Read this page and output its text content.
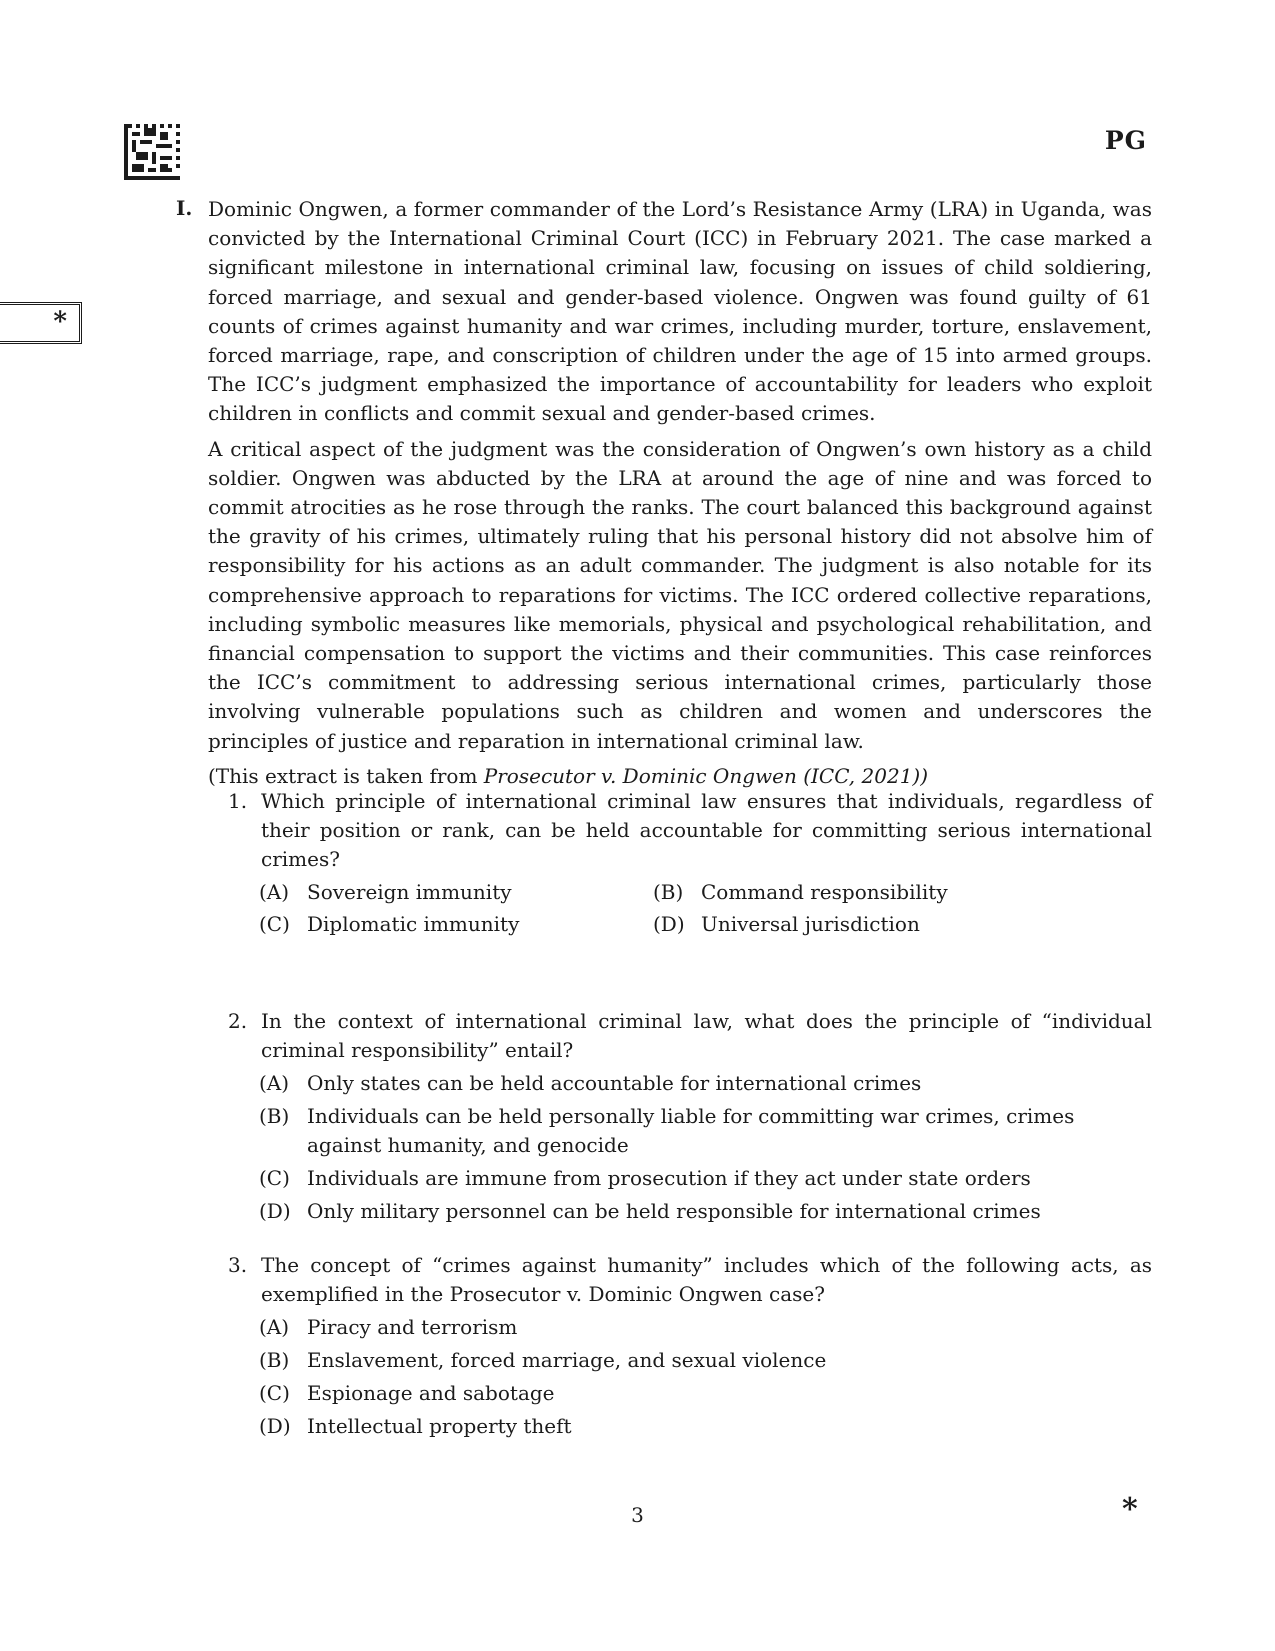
PG
*
I. Dominic Ongwen, a former commander of the Lord’s Resistance Army (LRA) in Uganda, was convicted by the International Criminal Court (ICC) in February 2021. The case marked a significant milestone in international criminal law, focusing on issues of child soldiering, forced marriage, and sexual and gender-based violence. Ongwen was found guilty of 61 counts of crimes against humanity and war crimes, including murder, torture, enslavement, forced marriage, rape, and conscription of children under the age of 15 into armed groups. The ICC’s judgment emphasized the importance of accountability for leaders who exploit children in conflicts and commit sexual and gender-based crimes.

A critical aspect of the judgment was the consideration of Ongwen’s own history as a child soldier. Ongwen was abducted by the LRA at around the age of nine and was forced to commit atrocities as he rose through the ranks. The court balanced this background against the gravity of his crimes, ultimately ruling that his personal history did not absolve him of responsibility for his actions as an adult commander. The judgment is also notable for its comprehensive approach to reparations for victims. The ICC ordered collective reparations, including symbolic measures like memorials, physical and psychological rehabilitation, and financial compensation to support the victims and their communities. This case reinforces the ICC’s commitment to addressing serious international crimes, particularly those involving vulnerable populations such as children and women and underscores the principles of justice and reparation in international criminal law.

(This extract is taken from Prosecutor v. Dominic Ongwen (ICC, 2021))
1. Which principle of international criminal law ensures that individuals, regardless of their position or rank, can be held accountable for committing serious international crimes?
(A) Sovereign immunity	(B) Command responsibility
(C) Diplomatic immunity	(D) Universal jurisdiction
2. In the context of international criminal law, what does the principle of “individual criminal responsibility” entail?
(A) Only states can be held accountable for international crimes
(B) Individuals can be held personally liable for committing war crimes, crimes against humanity, and genocide
(C) Individuals are immune from prosecution if they act under state orders
(D) Only military personnel can be held responsible for international crimes
3. The concept of “crimes against humanity” includes which of the following acts, as exemplified in the Prosecutor v. Dominic Ongwen case?
(A) Piracy and terrorism
(B) Enslavement, forced marriage, and sexual violence
(C) Espionage and sabotage
(D) Intellectual property theft
3	*
